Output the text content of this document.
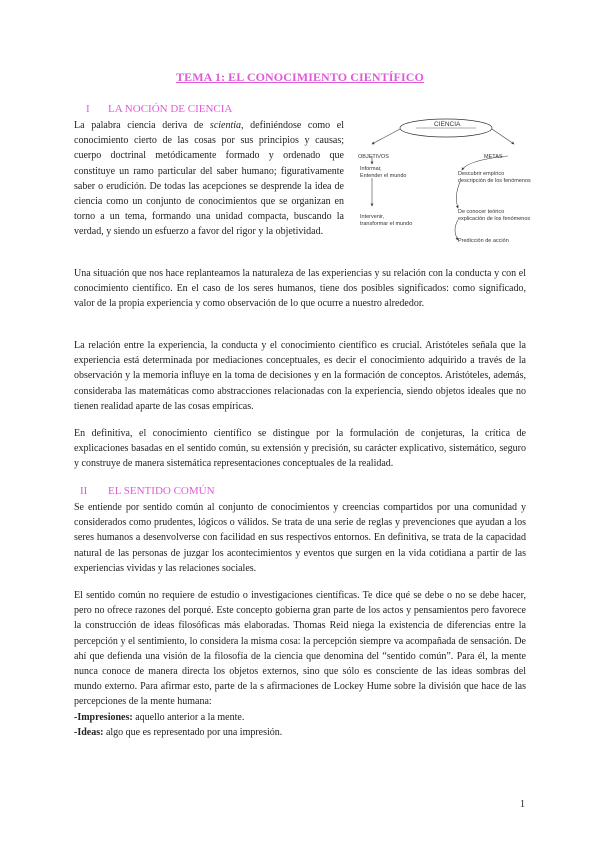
TEMA 1: EL CONOCIMIENTO CIENTÍFICO
I LA NOCIÓN DE CIENCIA

La palabra ciencia deriva de scientia, definiéndose como el conocimiento cierto de las cosas por sus principios y causas; cuerpo doctrinal metódicamente formado y ordenado que constituye un ramo particular del saber humano; figurativamente saber o erudición. De todas las acepciones se desprende la idea de ciencia como un conjunto de conocimientos que se organizan en torno a un tema, formando una unidad compacta, buscando la verdad, y siendo un esfuerzo a favor del rigor y la objetividad.

CIENCIA
OBJETIVOS	METAS
Informar,
Entender el mundo
Intervenir,
transformar el mundo
Descubrir empírico
descripción de los fenómenos
De conocer teórico
explicación de los fenómenos
Predicción de acción

Una situación que nos hace replanteamos la naturaleza de las experiencias y su relación con la conducta y con el conocimiento científico. En el caso de los seres humanos, tiene dos posibles significados: como significado, valor de la propia experiencia y como observación de lo que ocurre a nuestro alrededor.

La relación entre la experiencia, la conducta y el conocimiento científico es crucial. Aristóteles señala que la experiencia está determinada por mediaciones conceptuales, es decir el conocimiento adquirido a través de la observación y la memoria influye en la toma de decisiones y en la formación de conceptos. Aristóteles, además, consideraba las matemáticas como abstracciones relacionadas con la experiencia, siendo objetos ideales que no tienen realidad aparte de las cosas empíricas.

En definitiva, el conocimiento científico se distingue por la formulación de conjeturas, la crítica de explicaciones basadas en el sentido común, su extensión y precisión, su carácter explicativo, sistemático, seguro y construye de manera sistemática representaciones conceptuales de la realidad.

II EL SENTIDO COMÚN

Se entiende por sentido común al conjunto de conocimientos y creencias compartidos por una comunidad y considerados como prudentes, lógicos o válidos. Se trata de una serie de reglas y prevenciones que ayudan a los seres humanos a desenvolverse con facilidad en sus respectivos entornos. En definitiva, se trata de la capacidad natural de las personas de juzgar los acontecimientos y eventos que surgen en la vida cotidiana a partir de las experiencias vividas y las relaciones sociales.

El sentido común no requiere de estudio o investigaciones científicas. Te dice qué se debe o no se debe hacer, pero no ofrece razones del porqué. Este concepto gobierna gran parte de los actos y pensamientos pero favorece la construcción de ideas filosóficas más elaboradas. Thomas Reid niega la existencia de diferencias entre la percepción y el sentimiento, lo considera la misma cosa: la percepción siempre va acompañada de sensación. De ahí que defienda una visión de la filosofía de la ciencia que denomina del “sentido común”. Para él, la mente nunca conoce de manera directa los objetos externos, sino que sólo es consciente de las ideas sombras del mundo externo. Para afirmar esto, parte de la s afirmaciones de Lockey Hume sobre la división que hace de las percepciones de la mente humana:

-Impresiones: aquello anterior a la mente.

-Ideas: algo que es representado por una impresión.

1
